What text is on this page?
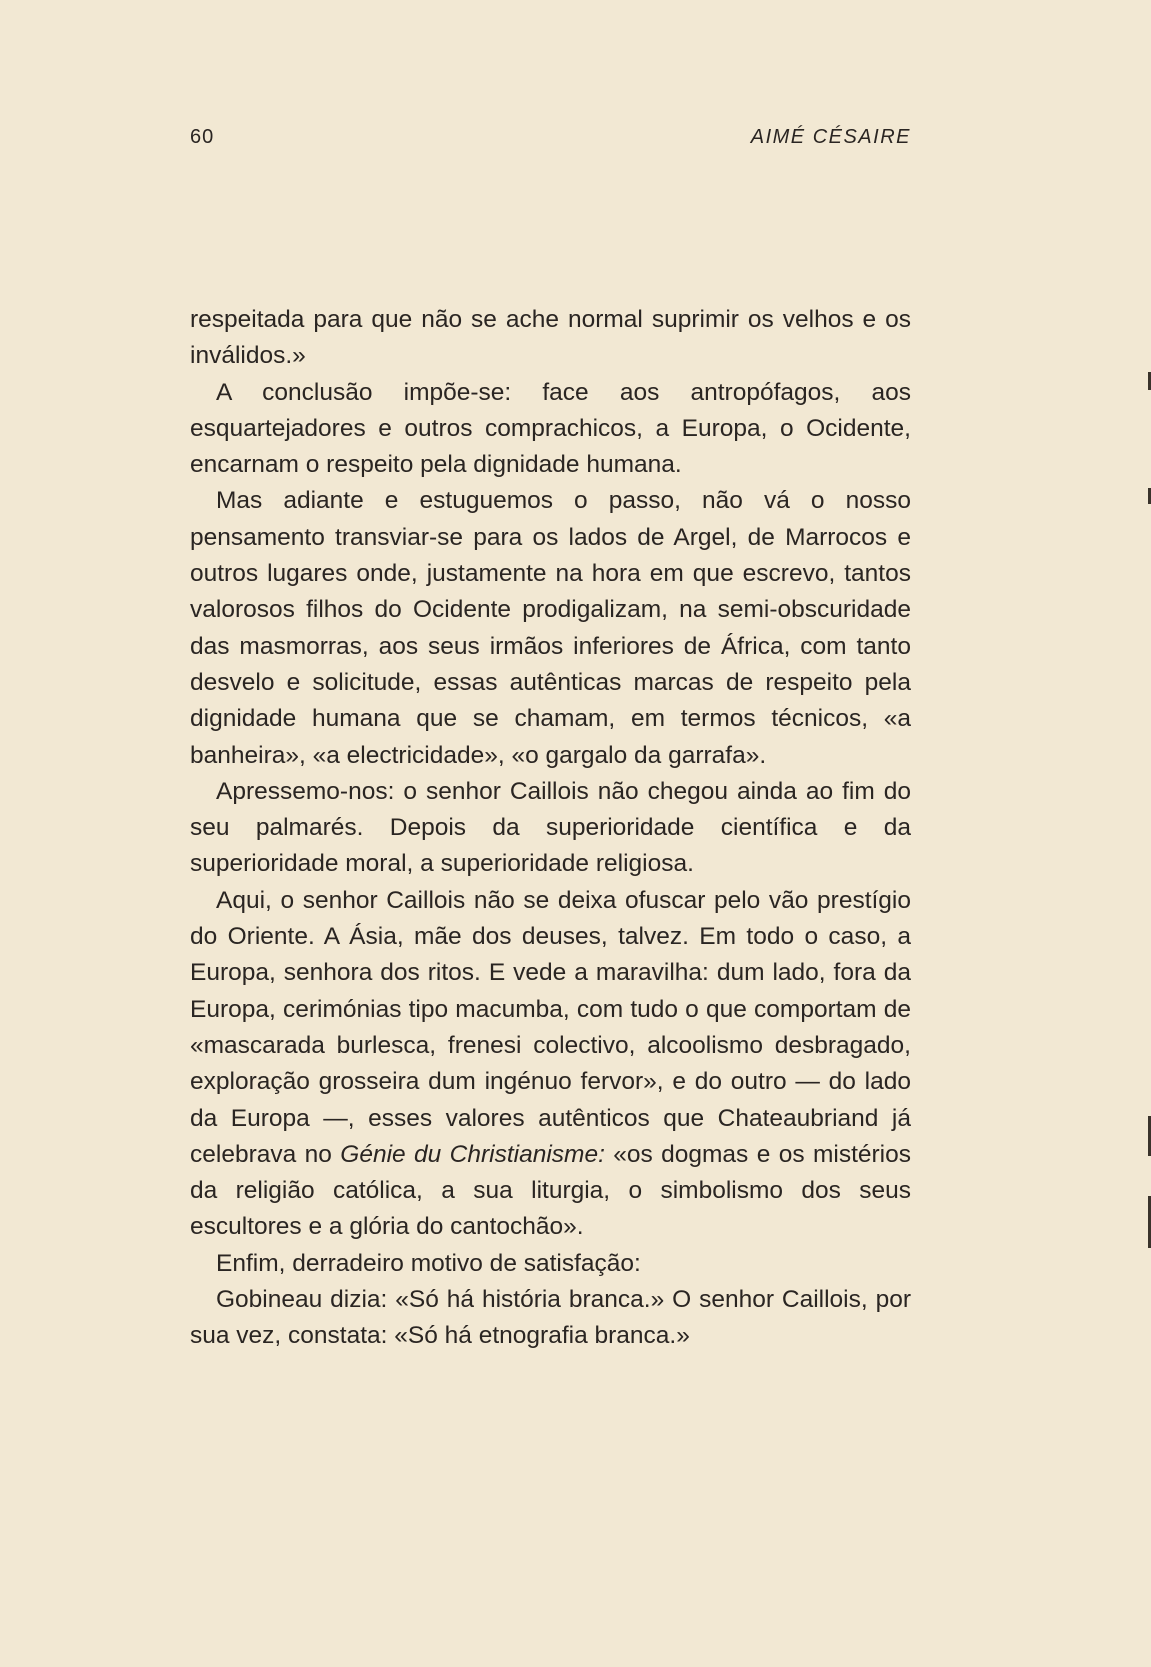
60	AIMÉ CÉSAIRE

respeitada para que não se ache normal suprimir os velhos e os inválidos.»

A conclusão impõe-se: face aos antropófagos, aos esquartejadores e outros comprachicos, a Europa, o Ocidente, encarnam o respeito pela dignidade humana.

Mas adiante e estuguemos o passo, não vá o nosso pensamento transviar-se para os lados de Argel, de Marrocos e outros lugares onde, justamente na hora em que escrevo, tantos valorosos filhos do Ocidente prodigalizam, na semi-obscuridade das masmorras, aos seus irmãos inferiores de África, com tanto desvelo e solicitude, essas autênticas marcas de respeito pela dignidade humana que se chamam, em termos técnicos, «a banheira», «a electricidade», «o gargalo da garrafa».

Apressemo-nos: o senhor Caillois não chegou ainda ao fim do seu palmarés. Depois da superioridade científica e da superioridade moral, a superioridade religiosa.

Aqui, o senhor Caillois não se deixa ofuscar pelo vão prestígio do Oriente. A Ásia, mãe dos deuses, talvez. Em todo o caso, a Europa, senhora dos ritos. E vede a maravilha: dum lado, fora da Europa, cerimónias tipo macumba, com tudo o que comportam de «mascarada burlesca, frenesi colectivo, alcoolismo desbragado, exploração grosseira dum ingénuo fervor», e do outro — do lado da Europa —, esses valores autênticos que Chateaubriand já celebrava no Génie du Christianisme: «os dogmas e os mistérios da religião católica, a sua liturgia, o simbolismo dos seus escultores e a glória do cantochão».

Enfim, derradeiro motivo de satisfação:

Gobineau dizia: «Só há história branca.» O senhor Caillois, por sua vez, constata: «Só há etnografia branca.»
